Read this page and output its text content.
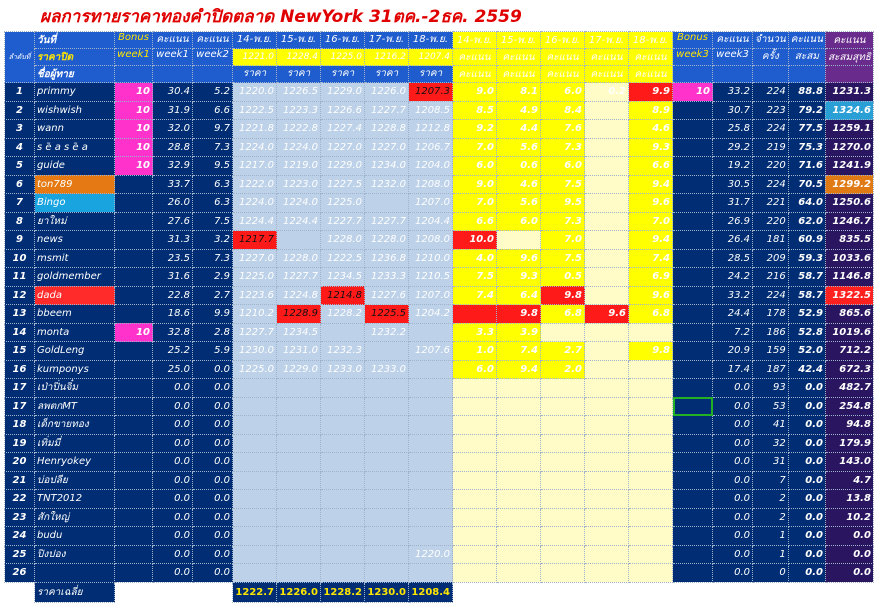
ผลการทายราคาทองคำปิดตลาด NewYork 31ตค.-2ธค. 2559
ลำดับที่	วันที่	Bonus	คะแนน	คะแนน	14-พ.ย.	15-พ.ย.	16-พ.ย.	17-พ.ย.	18-พ.ย.	14-พ.ย.	15-พ.ย.	16-พ.ย.	17-พ.ย.	18-พ.ย.	Bonus	คะแนน	จำนวน	คะแนน	คะแนน
	ราคาปิด	week1	week1	week2	1221.0	1228.4	1225.0	1216.2	1207.4	คะแนน	คะแนน	คะแนน	คะแนน	คะแนน	week3	week3	ครั้ง	สะสม	สะสมสุทธิ
	ชื่อผู้ทาย				ราคา	ราคา	ราคา	ราคา	ราคา	คะแนน	คะแนน	คะแนน	คะแนน	คะแนน					
1	primmy	10	30.4	5.2	1220.0	1226.5	1229.0	1226.0	1207.3	9.0	8.1	6.0	0.2	9.9	10	33.2	224	88.8	1231.3
2	wishwish	10	31.9	6.6	1222.5	1223.3	1226.6	1227.7	1208.5	8.5	4.9	8.4		8.9		30.7	223	79.2	1324.6
3	wann	10	32.0	9.7	1221.8	1222.8	1227.4	1228.8	1212.8	9.2	4.4	7.6		4.6		25.8	224	77.5	1259.1
4	s ẽ a s ẽ a	10	28.8	7.3	1224.0	1224.0	1227.0	1227.0	1206.7	7.0	5.6	7.3		9.3		29.2	219	75.3	1270.0
5	guide	10	32.9	9.5	1217.0	1219.0	1229.0	1234.0	1204.0	6.0	0.6	6.0		6.6		19.2	220	71.6	1241.9
6	ton789		33.7	6.3	1222.0	1223.0	1227.5	1232.0	1208.0	9.0	4.6	7.5		9.4		30.5	224	70.5	1299.2
7	Bingo		26.0	6.3	1224.0	1224.0	1225.0		1207.0	7.0	5.6	9.5		9.6		31.7	221	64.0	1250.6
8	ยาใหม่		27.6	7.5	1224.4	1224.4	1227.7	1227.7	1204.4	6.6	6.0	7.3		7.0		26.9	220	62.0	1246.7
9	news		31.3	3.2	1217.7		1228.0	1228.0	1208.0	10.0		7.0		9.4		26.4	181	60.9	835.5
10	msmit		23.5	7.3	1227.0	1228.0	1222.5	1236.8	1210.0	4.0	9.6	7.5		7.4		28.5	209	59.3	1033.6
11	goldmember		31.6	2.9	1225.0	1227.7	1234.5	1233.3	1210.5	7.5	9.3	0.5		6.9		24.2	216	58.7	1146.8
12	dada		22.8	2.7	1223.6	1224.8	1214.8	1227.6	1207.0	7.4	6.4	9.8		9.6		33.2	224	58.7	1322.5
13	bbeem		18.6	9.9	1210.2	1228.9	1228.2	1225.5	1204.2		9.8	6.8	9.6	6.8		24.4	178	52.9	865.6
14	monta	10	32.8	2.8	1227.7	1234.5		1232.2		3.3	3.9					7.2	186	52.8	1019.6
15	GoldLeng		25.2	5.9	1230.0	1231.0	1232.3		1207.6	1.0	7.4	2.7		9.8		20.9	159	52.0	712.2
16	kumponys		25.0	0.0	1225.0	1229.0	1233.0	1233.0		6.0	9.4	2.0				17.4	187	42.4	672.3
17	เป่าปิ่นจิ๋ม		0.0	0.0												0.0	93	0.0	482.7
17	ลพตกMT		0.0	0.0												0.0	53	0.0	254.8
18	เด็กขายทอง		0.0	0.0												0.0	41	0.0	94.8
19	เทิ่มมี่		0.0	0.0												0.0	32	0.0	179.9
20	Henryokey		0.0	0.0												0.0	31	0.0	143.0
21	บ่อปลีย		0.0	0.0												0.0	7	0.0	4.7
22	TNT2012		0.0	0.0												0.0	2	0.0	13.8
23	สักใหญ่		0.0	0.0												0.0	2	0.0	10.2
24	budu		0.0	0.0												0.0	1	0.0	0.0
25	ปิงปอง		0.0	0.0					1220.0							0.0	1	0.0	0.0
26			0.0	0.0												0.0	0	0.0	0.0
	ราคาเฉลี่ย				1222.7	1226.0	1228.2	1230.0	1208.4										
